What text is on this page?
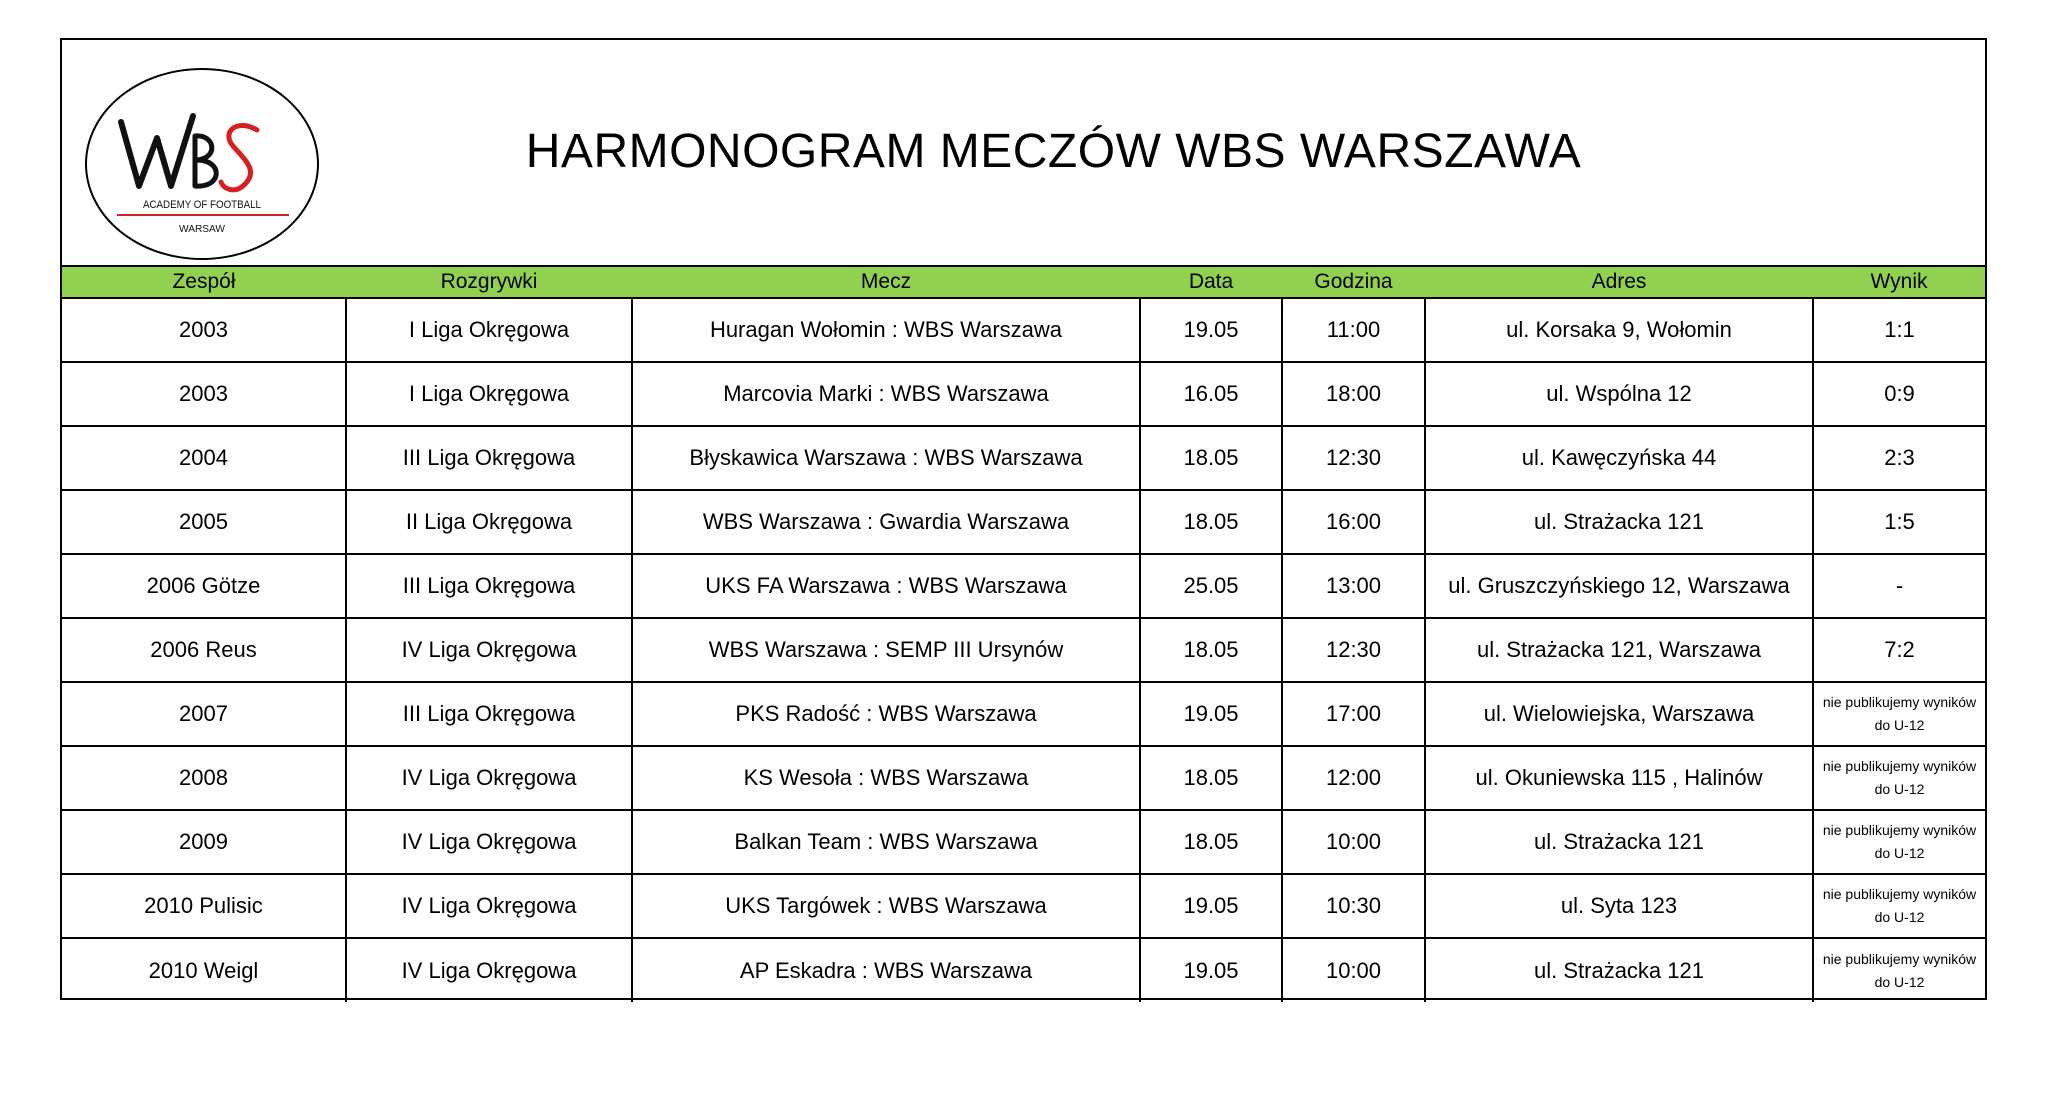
ACADEMY OF FOOTBALL
WARSAW
HARMONOGRAM MECZÓW WBS WARSZAWA
Zespół	Rozgrywki	Mecz	Data	Godzina	Adres	Wynik
2003	I Liga Okręgowa	Huragan Wołomin : WBS Warszawa	19.05	11:00	ul. Korsaka 9, Wołomin	1:1
2003	I Liga Okręgowa	Marcovia Marki : WBS Warszawa	16.05	18:00	ul. Wspólna 12	0:9
2004	III Liga Okręgowa	Błyskawica Warszawa : WBS Warszawa	18.05	12:30	ul. Kawęczyńska 44	2:3
2005	II Liga Okręgowa	WBS Warszawa : Gwardia Warszawa	18.05	16:00	ul. Strażacka 121	1:5
2006 Götze	III Liga Okręgowa	UKS FA Warszawa : WBS Warszawa	25.05	13:00	ul. Gruszczyńskiego 12, Warszawa	-
2006 Reus	IV Liga Okręgowa	WBS Warszawa : SEMP III Ursynów	18.05	12:30	ul. Strażacka 121, Warszawa	7:2
2007	III Liga Okręgowa	PKS Radość : WBS Warszawa	19.05	17:00	ul. Wielowiejska, Warszawa	nie publikujemy wyników do U-12
2008	IV Liga Okręgowa	KS Wesoła : WBS Warszawa	18.05	12:00	ul. Okuniewska 115 , Halinów	nie publikujemy wyników do U-12
2009	IV Liga Okręgowa	Balkan Team : WBS Warszawa	18.05	10:00	ul. Strażacka 121	nie publikujemy wyników do U-12
2010 Pulisic	IV Liga Okręgowa	UKS Targówek : WBS Warszawa	19.05	10:30	ul. Syta 123	nie publikujemy wyników do U-12
2010 Weigl	IV Liga Okręgowa	AP Eskadra : WBS Warszawa	19.05	10:00	ul. Strażacka 121	nie publikujemy wyników do U-12
